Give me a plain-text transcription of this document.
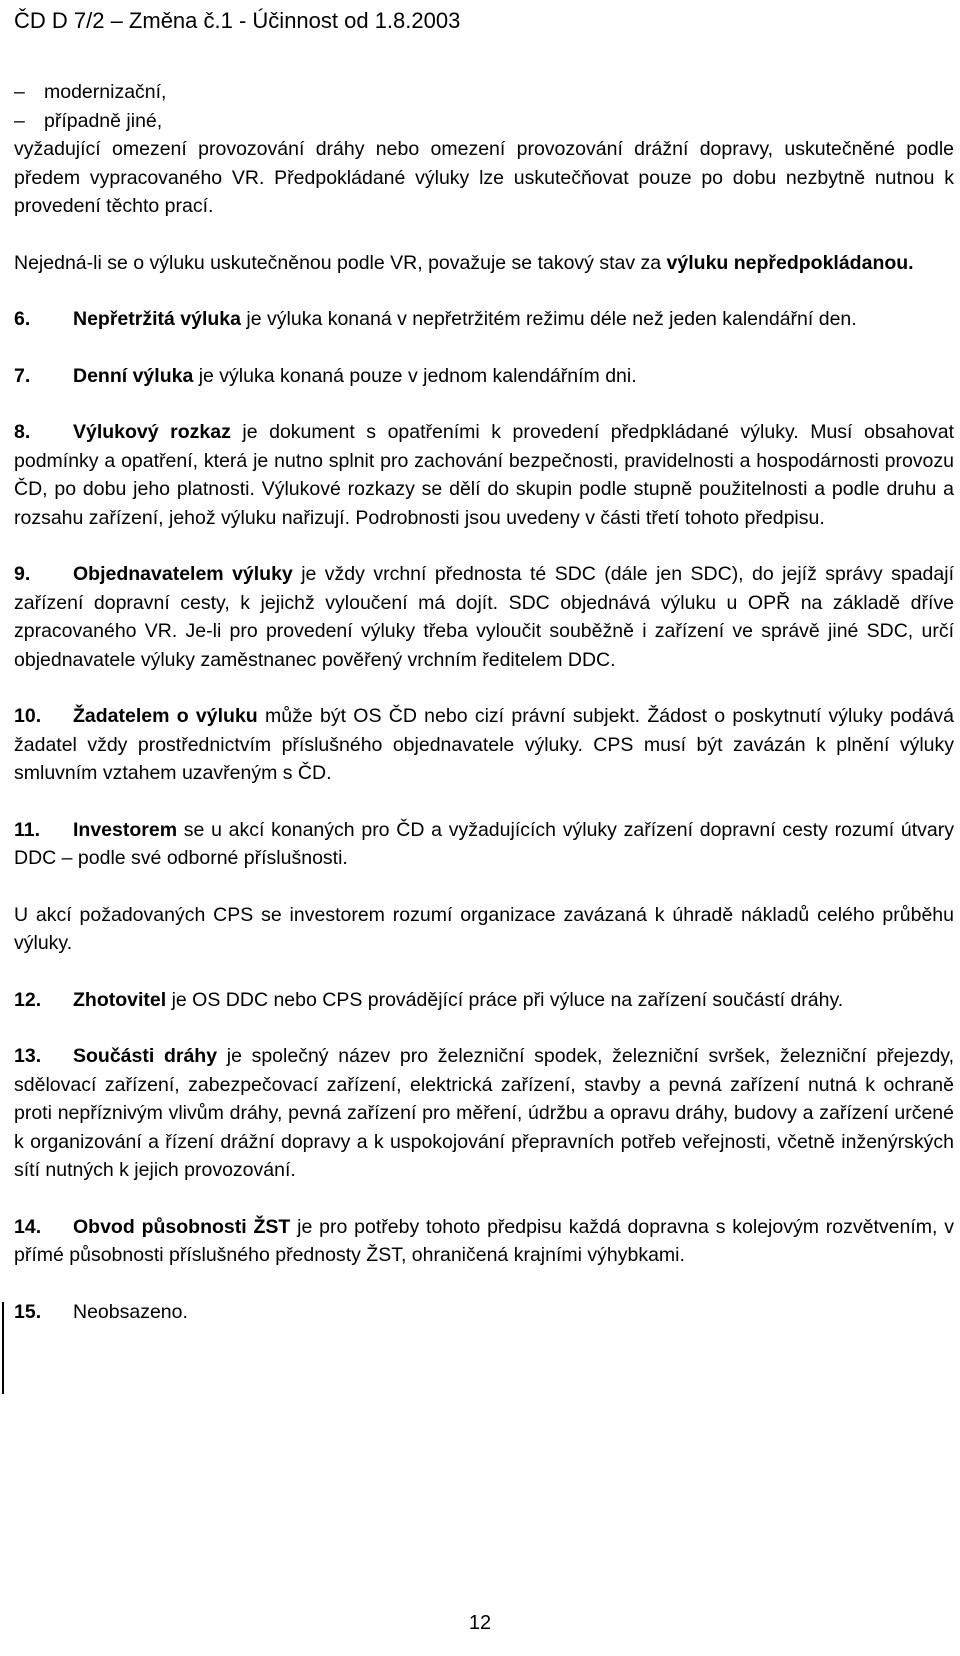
ČD D 7/2 – Změna č.1 - Účinnost od 1.8.2003
– modernizační,
– případně jiné,

vyžadující omezení provozování dráhy nebo omezení provozování drážní dopravy, uskutečněné podle předem vypracovaného VR. Předpokládané výluky lze uskutečňovat pouze po dobu nezbytně nutnou k provedení těchto prací.

Nejedná-li se o výluku uskutečněnou podle VR, považuje se takový stav za výluku nepředpokládanou.

6. Nepřetržitá výluka je výluka konaná v nepřetržitém režimu déle než jeden kalendářní den.

7. Denní výluka je výluka konaná pouze v jednom kalendářním dni.

8. Výlukový rozkaz je dokument s opatřeními k provedení předpkládané výluky. Musí obsahovat podmínky a opatření, která je nutno splnit pro zachování bezpečnosti, pravidelnosti a hospodárnosti provozu ČD, po dobu jeho platnosti. Výlukové rozkazy se dělí do skupin podle stupně použitelnosti a podle druhu a rozsahu zařízení, jehož výluku nařizují. Podrobnosti jsou uvedeny v části třetí tohoto předpisu.

9. Objednavatelem výluky je vždy vrchní přednosta té SDC (dále jen SDC), do jejíž správy spadají zařízení dopravní cesty, k jejichž vyloučení má dojít. SDC objednává výluku u OPŘ na základě dříve zpracovaného VR. Je-li pro provedení výluky třeba vyloučit souběžně i zařízení ve správě jiné SDC, určí objednavatele výluky zaměstnanec pověřený vrchním ředitelem DDC.

10. Žadatelem o výluku může být OS ČD nebo cizí právní subjekt. Žádost o poskytnutí výluky podává žadatel vždy prostřednictvím příslušného objednavatele výluky. CPS musí být zavázán k plnění výluky smluvním vztahem uzavřeným s ČD.

11. Investorem se u akcí konaných pro ČD a vyžadujících výluky zařízení dopravní cesty rozumí útvary DDC – podle své odborné příslušnosti.

U akcí požadovaných CPS se investorem rozumí organizace zavázaná k úhradě nákladů celého průběhu výluky.

12. Zhotovitel je OS DDC nebo CPS provádějící práce při výluce na zařízení součástí dráhy.

13. Součásti dráhy je společný název pro železniční spodek, železniční svršek, železniční přejezdy, sdělovací zařízení, zabezpečovací zařízení, elektrická zařízení, stavby a pevná zařízení nutná k ochraně proti nepříznivým vlivům dráhy, pevná zařízení pro měření, údržbu a opravu dráhy, budovy a zařízení určené k organizování a řízení drážní dopravy a k uspokojování přepravních potřeb veřejnosti, včetně inženýrských sítí nutných k jejich provozování.

14. Obvod působnosti ŽST je pro potřeby tohoto předpisu každá dopravna s kolejovým rozvětvením, v přímé působnosti příslušného přednosty ŽST, ohraničená krajními výhybkami.

15. Neobsazeno.

12
